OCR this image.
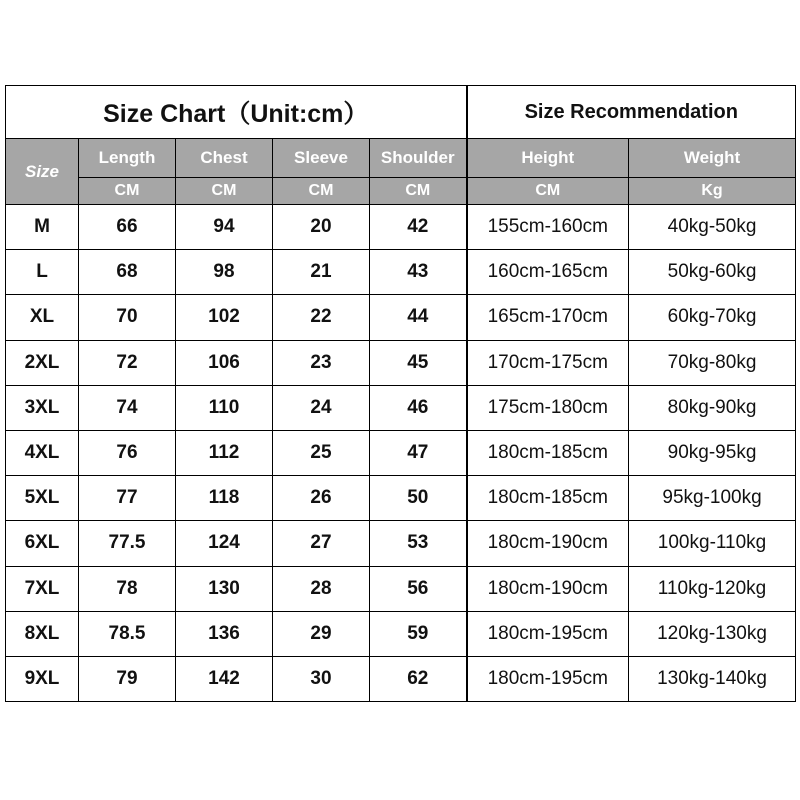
Size Chart（Unit:cm）					Size Recommendation	
Size	Length	Chest	Sleeve	Shoulder	Height	Weight
	CM	CM	CM	CM	CM	Kg
M	66	94	20	42	155cm-160cm	40kg-50kg
L	68	98	21	43	160cm-165cm	50kg-60kg
XL	70	102	22	44	165cm-170cm	60kg-70kg
2XL	72	106	23	45	170cm-175cm	70kg-80kg
3XL	74	110	24	46	175cm-180cm	80kg-90kg
4XL	76	112	25	47	180cm-185cm	90kg-95kg
5XL	77	118	26	50	180cm-185cm	95kg-100kg
6XL	77.5	124	27	53	180cm-190cm	100kg-110kg
7XL	78	130	28	56	180cm-190cm	110kg-120kg
8XL	78.5	136	29	59	180cm-195cm	120kg-130kg
9XL	79	142	30	62	180cm-195cm	130kg-140kg
